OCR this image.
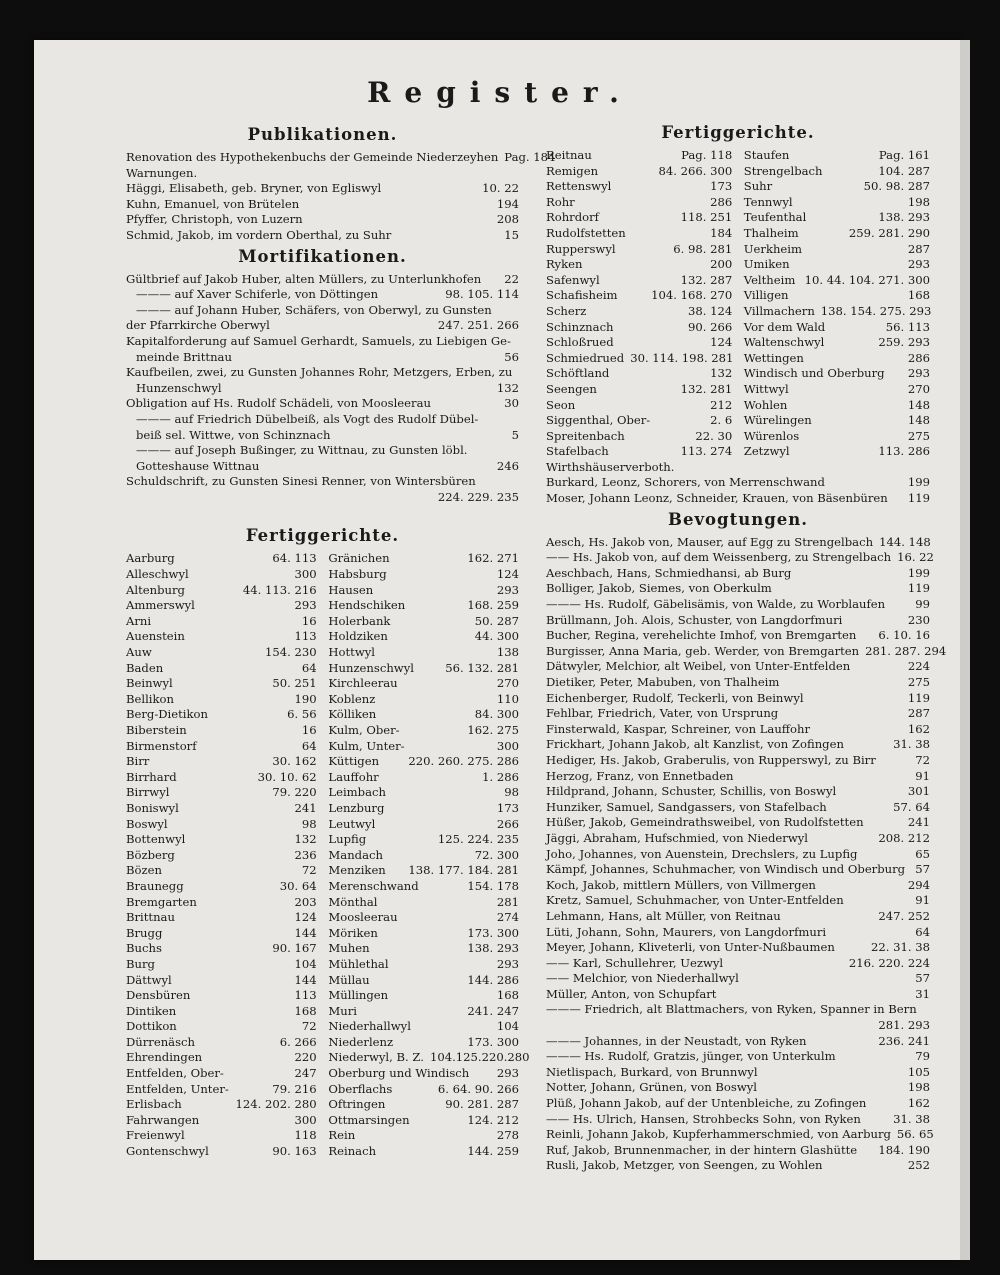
Register.
Publikationen.
Renovation des Hypothekenbuchs der Gemeinde Niederzeyhen Pag. 184
Warnungen.
Häggi, Elisabeth, geb. Bryner, von Egliswyl	10. 22
Kuhn, Emanuel, von Brütelen	194
Pfyffer, Christoph, von Luzern	208
Schmid, Jakob, im vordern Oberthal, zu Suhr	15
Mortifikationen.
Gültbrief auf Jakob Huber, alten Müllers, zu Unterlunkhofen	22
——— auf Xaver Schiferle, von Döttingen	98. 105. 114
——— auf Johann Huber, Schäfers, von Oberwyl, zu Gunsten
der Pfarrkirche Oberwyl	247. 251. 266
Kapitalforderung auf Samuel Gerhardt, Samuels, zu Liebigen Ge-
meinde Brittnau	56
Kaufbeilen, zwei, zu Gunsten Johannes Rohr, Metzgers, Erben, zu
Hunzenschwyl	132
Obligation auf Hs. Rudolf Schädeli, von Moosleerau	30
——— auf Friedrich Dübelbeiß, als Vogt des Rudolf Dübel-
beiß sel. Wittwe, von Schinznach	5
——— auf Joseph Bußinger, zu Wittnau, zu Gunsten löbl.
Gotteshause Wittnau	246
Schuldschrift, zu Gunsten Sinesi Renner, von Wintersbüren
224. 229. 235
Fertiggerichte.
Aarburg	64. 113
Alleschwyl	300
Altenburg	44. 113. 216
Ammerswyl	293
Arni	16
Auenstein	113
Auw	154. 230
Baden	64
Beinwyl	50. 251
Bellikon	190
Berg-Dietikon	6. 56
Biberstein	16
Birmenstorf	64
Birr	30. 162
Birrhard	30. 10. 62
Birrwyl	79. 220
Boniswyl	241
Boswyl	98
Bottenwyl	132
Bözberg	236
Bözen	72
Braunegg	30. 64
Bremgarten	203
Brittnau	124
Brugg	144
Buchs	90. 167
Burg	104
Dättwyl	144
Densbüren	113
Dintiken	168
Dottikon	72
Dürrenäsch	6. 266
Ehrendingen	220
Entfelden, Ober-	247
Entfelden, Unter-	79. 216
Erlisbach	124. 202. 280
Fahrwangen	300
Freienwyl	118
Gontenschwyl	90. 163
Gränichen	162. 271
Habsburg	124
Hausen	293
Hendschiken	168. 259
Holerbank	50. 287
Holdziken	44. 300
Hottwyl	138
Hunzenschwyl	56. 132. 281
Kirchleerau	270
Koblenz	110
Kölliken	84. 300
Kulm, Ober-	162. 275
Kulm, Unter-	300
Küttigen	220. 260. 275. 286
Lauffohr	1. 286
Leimbach	98
Lenzburg	173
Leutwyl	266
Lupfig	125. 224. 235
Mandach	72. 300
Menziken	138. 177. 184. 281
Merenschwand	154. 178
Mönthal	281
Moosleerau	274
Möriken	173. 300
Muhen	138. 293
Mühlethal	293
Müllau	144. 286
Müllingen	168
Muri	241. 247
Niederhallwyl	104
Niederlenz	173. 300
Niederwyl, B. Z. 104.125.220.280
Oberburg und Windisch	293
Oberflachs	6. 64. 90. 266
Oftringen	90. 281. 287
Ottmarsingen	124. 212
Rein	278
Reinach	144. 259
Fertiggerichte.
Reitnau	Pag. 118
Remigen	84. 266. 300
Rettenswyl	173
Rohr	286
Rohrdorf	118. 251
Rudolfstetten	184
Rupperswyl	6. 98. 281
Ryken	200
Safenwyl	132. 287
Schafisheim	104. 168. 270
Scherz	38. 124
Schinznach	90. 266
Schloßrued	124
Schmiedrued 30. 114. 198. 281
Schöftland	132
Seengen	132. 281
Seon	212
Siggenthal, Ober-	2. 6
Spreitenbach	22. 30
Stafelbach	113. 274
Staufen	Pag. 161
Strengelbach	104. 287
Suhr	50. 98. 287
Tennwyl	198
Teufenthal	138. 293
Thalheim	259. 281. 290
Uerkheim	287
Umiken	293
Veltheim 10. 44. 104. 271. 300
Villigen	168
Villmachern 138. 154. 275. 293
Vor dem Wald	56. 113
Waltenschwyl	259. 293
Wettingen	286
Windisch und Oberburg	293
Wittwyl	270
Wohlen	148
Würelingen	148
Würenlos	275
Zetzwyl	113. 286
Wirthshäuserverboth.
Burkard, Leonz, Schorers, von Merrenschwand	199
Moser, Johann Leonz, Schneider, Krauen, von Bäsenbüren	119
Bevogtungen.
Aesch, Hs. Jakob von, Mauser, auf Egg zu Strengelbach 144. 148
—— Hs. Jakob von, auf dem Weissenberg, zu Strengelbach 16. 22
Aeschbach, Hans, Schmiedhansi, ab Burg	199
Bolliger, Jakob, Siemes, von Oberkulm	119
——— Hs. Rudolf, Gäbelisämis, von Walde, zu Worblaufen	99
Brüllmann, Joh. Alois, Schuster, von Langdorfmuri	230
Bucher, Regina, verehelichte Imhof, von Bremgarten	6. 10. 16
Burgisser, Anna Maria, geb. Werder, von Bremgarten 281. 287. 294
Dätwyler, Melchior, alt Weibel, von Unter-Entfelden	224
Dietiker, Peter, Mabuben, von Thalheim	275
Eichenberger, Rudolf, Teckerli, von Beinwyl	119
Fehlbar, Friedrich, Vater, von Ursprung	287
Finsterwald, Kaspar, Schreiner, von Lauffohr	162
Frickhart, Johann Jakob, alt Kanzlist, von Zofingen	31. 38
Hediger, Hs. Jakob, Graberulis, von Rupperswyl, zu Birr	72
Herzog, Franz, von Ennetbaden	91
Hildprand, Johann, Schuster, Schillis, von Boswyl	301
Hunziker, Samuel, Sandgassers, von Stafelbach	57. 64
Hüßer, Jakob, Gemeindrathsweibel, von Rudolfstetten	241
Jäggi, Abraham, Hufschmied, von Niederwyl	208. 212
Joho, Johannes, von Auenstein, Drechslers, zu Lupfig	65
Kämpf, Johannes, Schuhmacher, von Windisch und Oberburg 57
Koch, Jakob, mittlern Müllers, von Villmergen	294
Kretz, Samuel, Schuhmacher, von Unter-Entfelden	91
Lehmann, Hans, alt Müller, von Reitnau	247. 252
Lüti, Johann, Sohn, Maurers, von Langdorfmuri	64
Meyer, Johann, Kliveterli, von Unter-Nußbaumen	22. 31. 38
—— Karl, Schullehrer, Uezwyl	216. 220. 224
—— Melchior, von Niederhallwyl	57
Müller, Anton, von Schupfart	31
——— Friedrich, alt Blattmachers, von Ryken, Spanner in Bern
281. 293
——— Johannes, in der Neustadt, von Ryken	236. 241
——— Hs. Rudolf, Gratzis, jünger, von Unterkulm	79
Nietlispach, Burkard, von Brunnwyl	105
Notter, Johann, Grünen, von Boswyl	198
Plüß, Johann Jakob, auf der Untenbleiche, zu Zofingen	162
—— Hs. Ulrich, Hansen, Strohbecks Sohn, von Ryken	31. 38
Reinli, Johann Jakob, Kupferhammerschmied, von Aarburg 56. 65
Ruf, Jakob, Brunnenmacher, in der hintern Glashütte	184. 190
Rusli, Jakob, Metzger, von Seengen, zu Wohlen	252
